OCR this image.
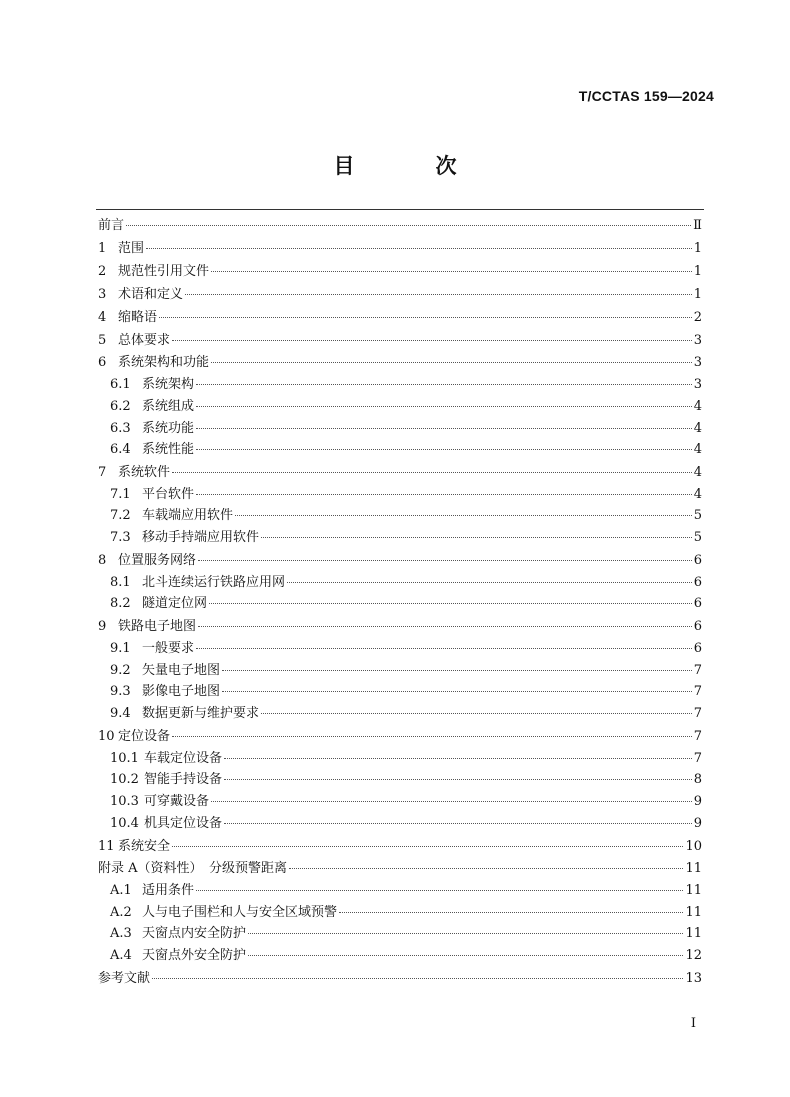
T/CCTAS 159—2024
目　次
前言	Ⅱ
1 范围	1
2 规范性引用文件	1
3 术语和定义	1
4 缩略语	2
5 总体要求	3
6 系统架构和功能	3
6.1 系统架构	3
6.2 系统组成	4
6.3 系统功能	4
6.4 系统性能	4
7 系统软件	4
7.1 平台软件	4
7.2 车载端应用软件	5
7.3 移动手持端应用软件	5
8 位置服务网络	6
8.1 北斗连续运行铁路应用网	6
8.2 隧道定位网	6
9 铁路电子地图	6
9.1 一般要求	6
9.2 矢量电子地图	7
9.3 影像电子地图	7
9.4 数据更新与维护要求	7
10 定位设备	7
10.1 车载定位设备	7
10.2 智能手持设备	8
10.3 可穿戴设备	9
10.4 机具定位设备	9
11 系统安全	10
附录 A（资料性）　分级预警距离	11
A.1 适用条件	11
A.2 人与电子围栏和人与安全区域预警	11
A.3 天窗点内安全防护	11
A.4 天窗点外安全防护	12
参考文献	13
I
